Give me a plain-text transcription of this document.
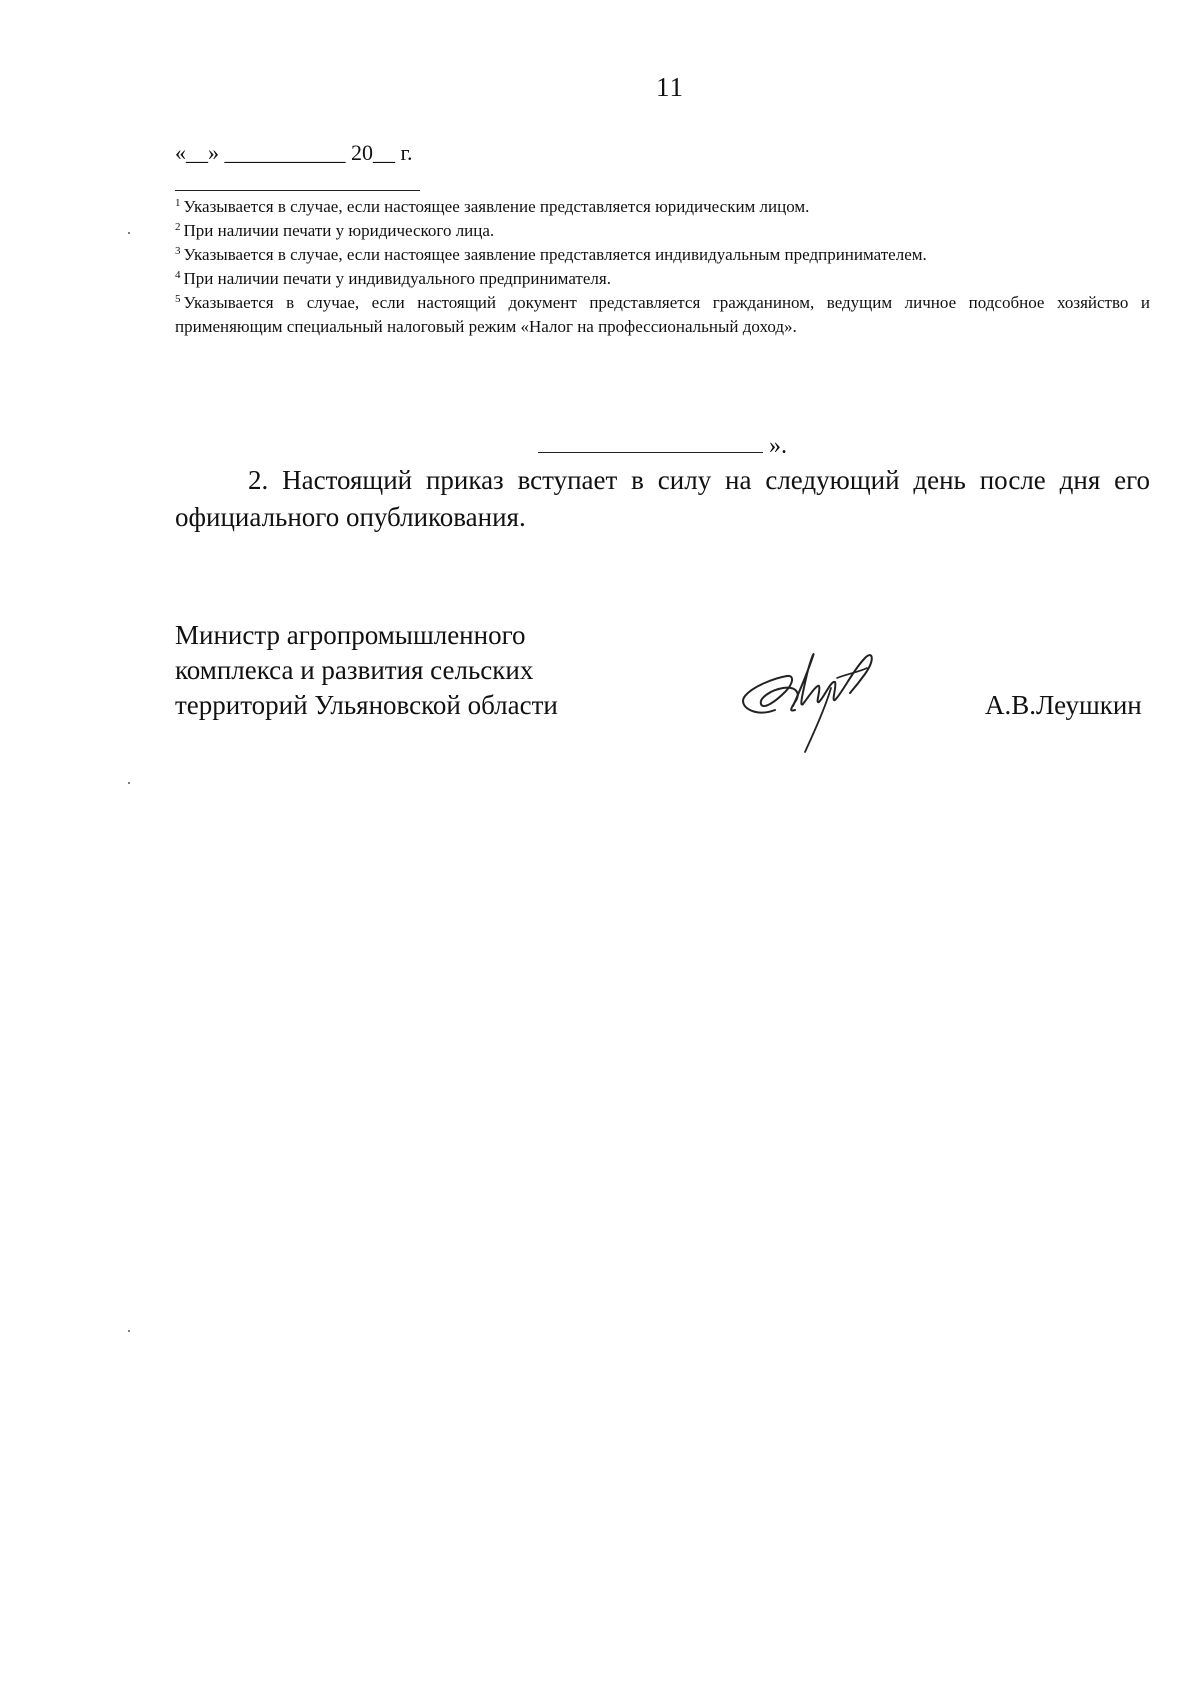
11
«__» ___________ 20__ г.

$^1$ Указывается в случае, если настоящее заявление представляется юридическим лицом.

$^2$ При наличии печати у юридического лица.

$^3$ Указывается в случае, если настоящее заявление представляется индивидуальным предпринимателем.

$^4$ При наличии печати у индивидуального предпринимателя.

$^5$ Указывается в случае, если настоящий документ представляется гражданином, ведущим личное подсобное хозяйство и применяющим специальный налоговый режим «Налог на профессиональный доход».

».
2. Настоящий приказ вступает в силу на следующий день после дня его официального опубликования.
Министр агропромышленного
комплекса и развития сельских
территорий Ульяновской области	А.В.Леушкин
